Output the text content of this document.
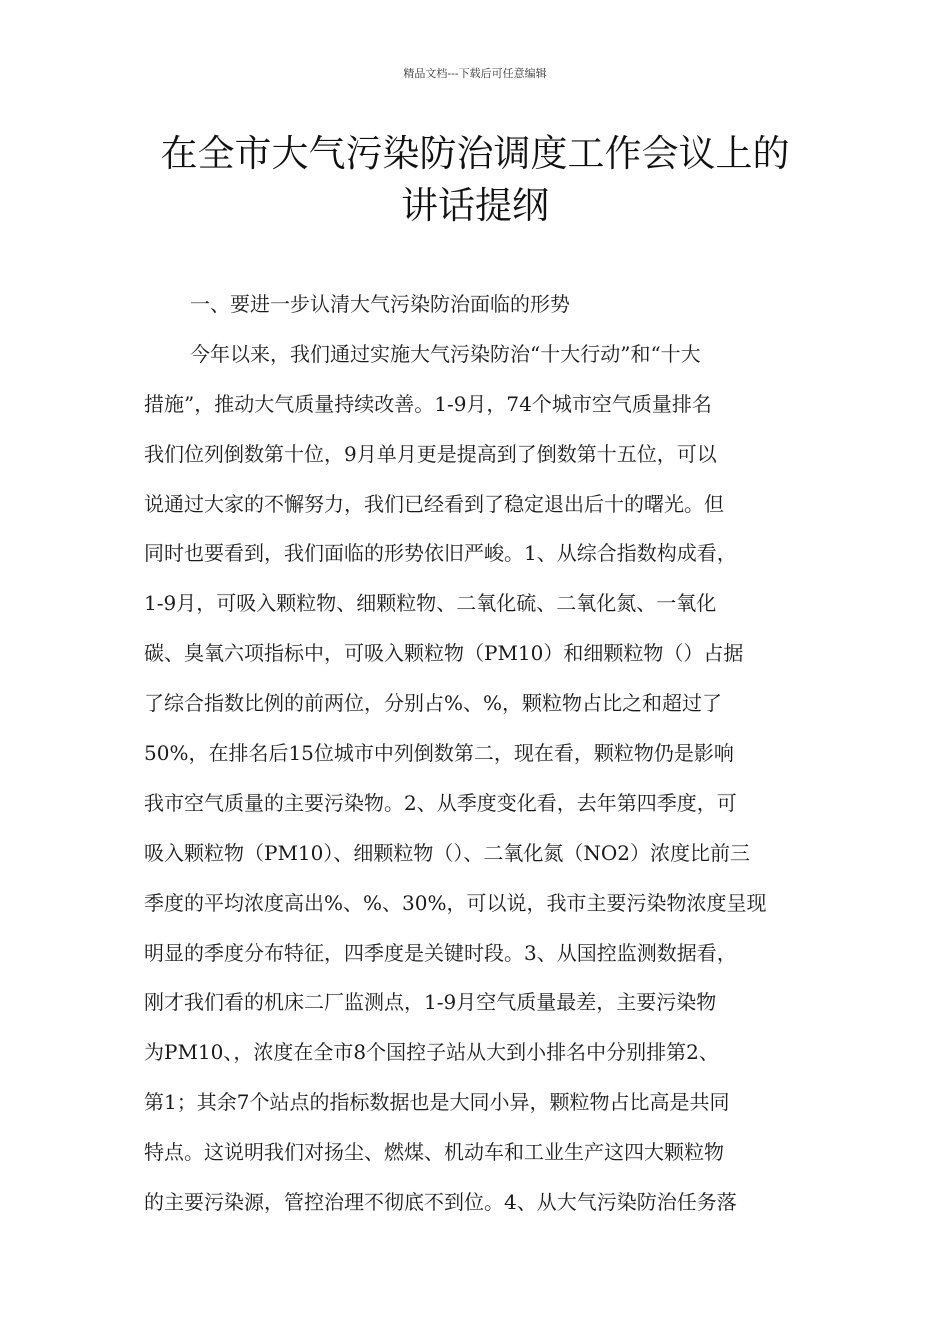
精品文档---下载后可任意编辑
在全市大气污染防治调度工作会议上的
讲话提纲
一、要进一步认清大气污染防治面临的形势
今年以来，我们通过实施大气污染防治“十大行动”和“十大
措施”，推动大气质量持续改善。1-9月，74个城市空气质量排名
我们位列倒数第十位，9月单月更是提高到了倒数第十五位，可以
说通过大家的不懈努力，我们已经看到了稳定退出后十的曙光。但
同时也要看到，我们面临的形势依旧严峻。1、从综合指数构成看，
1-9月，可吸入颗粒物、细颗粒物、二氧化硫、二氧化氮、一氧化
碳、臭氧六项指标中，可吸入颗粒物（PM10）和细颗粒物（）占据
了综合指数比例的前两位，分别占%、%，颗粒物占比之和超过了
50%，在排名后15位城市中列倒数第二，现在看，颗粒物仍是影响
我市空气质量的主要污染物。2、从季度变化看，去年第四季度，可
吸入颗粒物（PM10）、细颗粒物（）、二氧化氮（NO2）浓度比前三
季度的平均浓度高出%、%、30%，可以说，我市主要污染物浓度呈现
明显的季度分布特征，四季度是关键时段。3、从国控监测数据看，
刚才我们看的机床二厂监测点，1-9月空气质量最差，主要污染物
为PM10、，浓度在全市8个国控子站从大到小排名中分别排第2、
第1；其余7个站点的指标数据也是大同小异，颗粒物占比高是共同
特点。这说明我们对扬尘、燃煤、机动车和工业生产这四大颗粒物
的主要污染源，管控治理不彻底不到位。4、从大气污染防治任务落
